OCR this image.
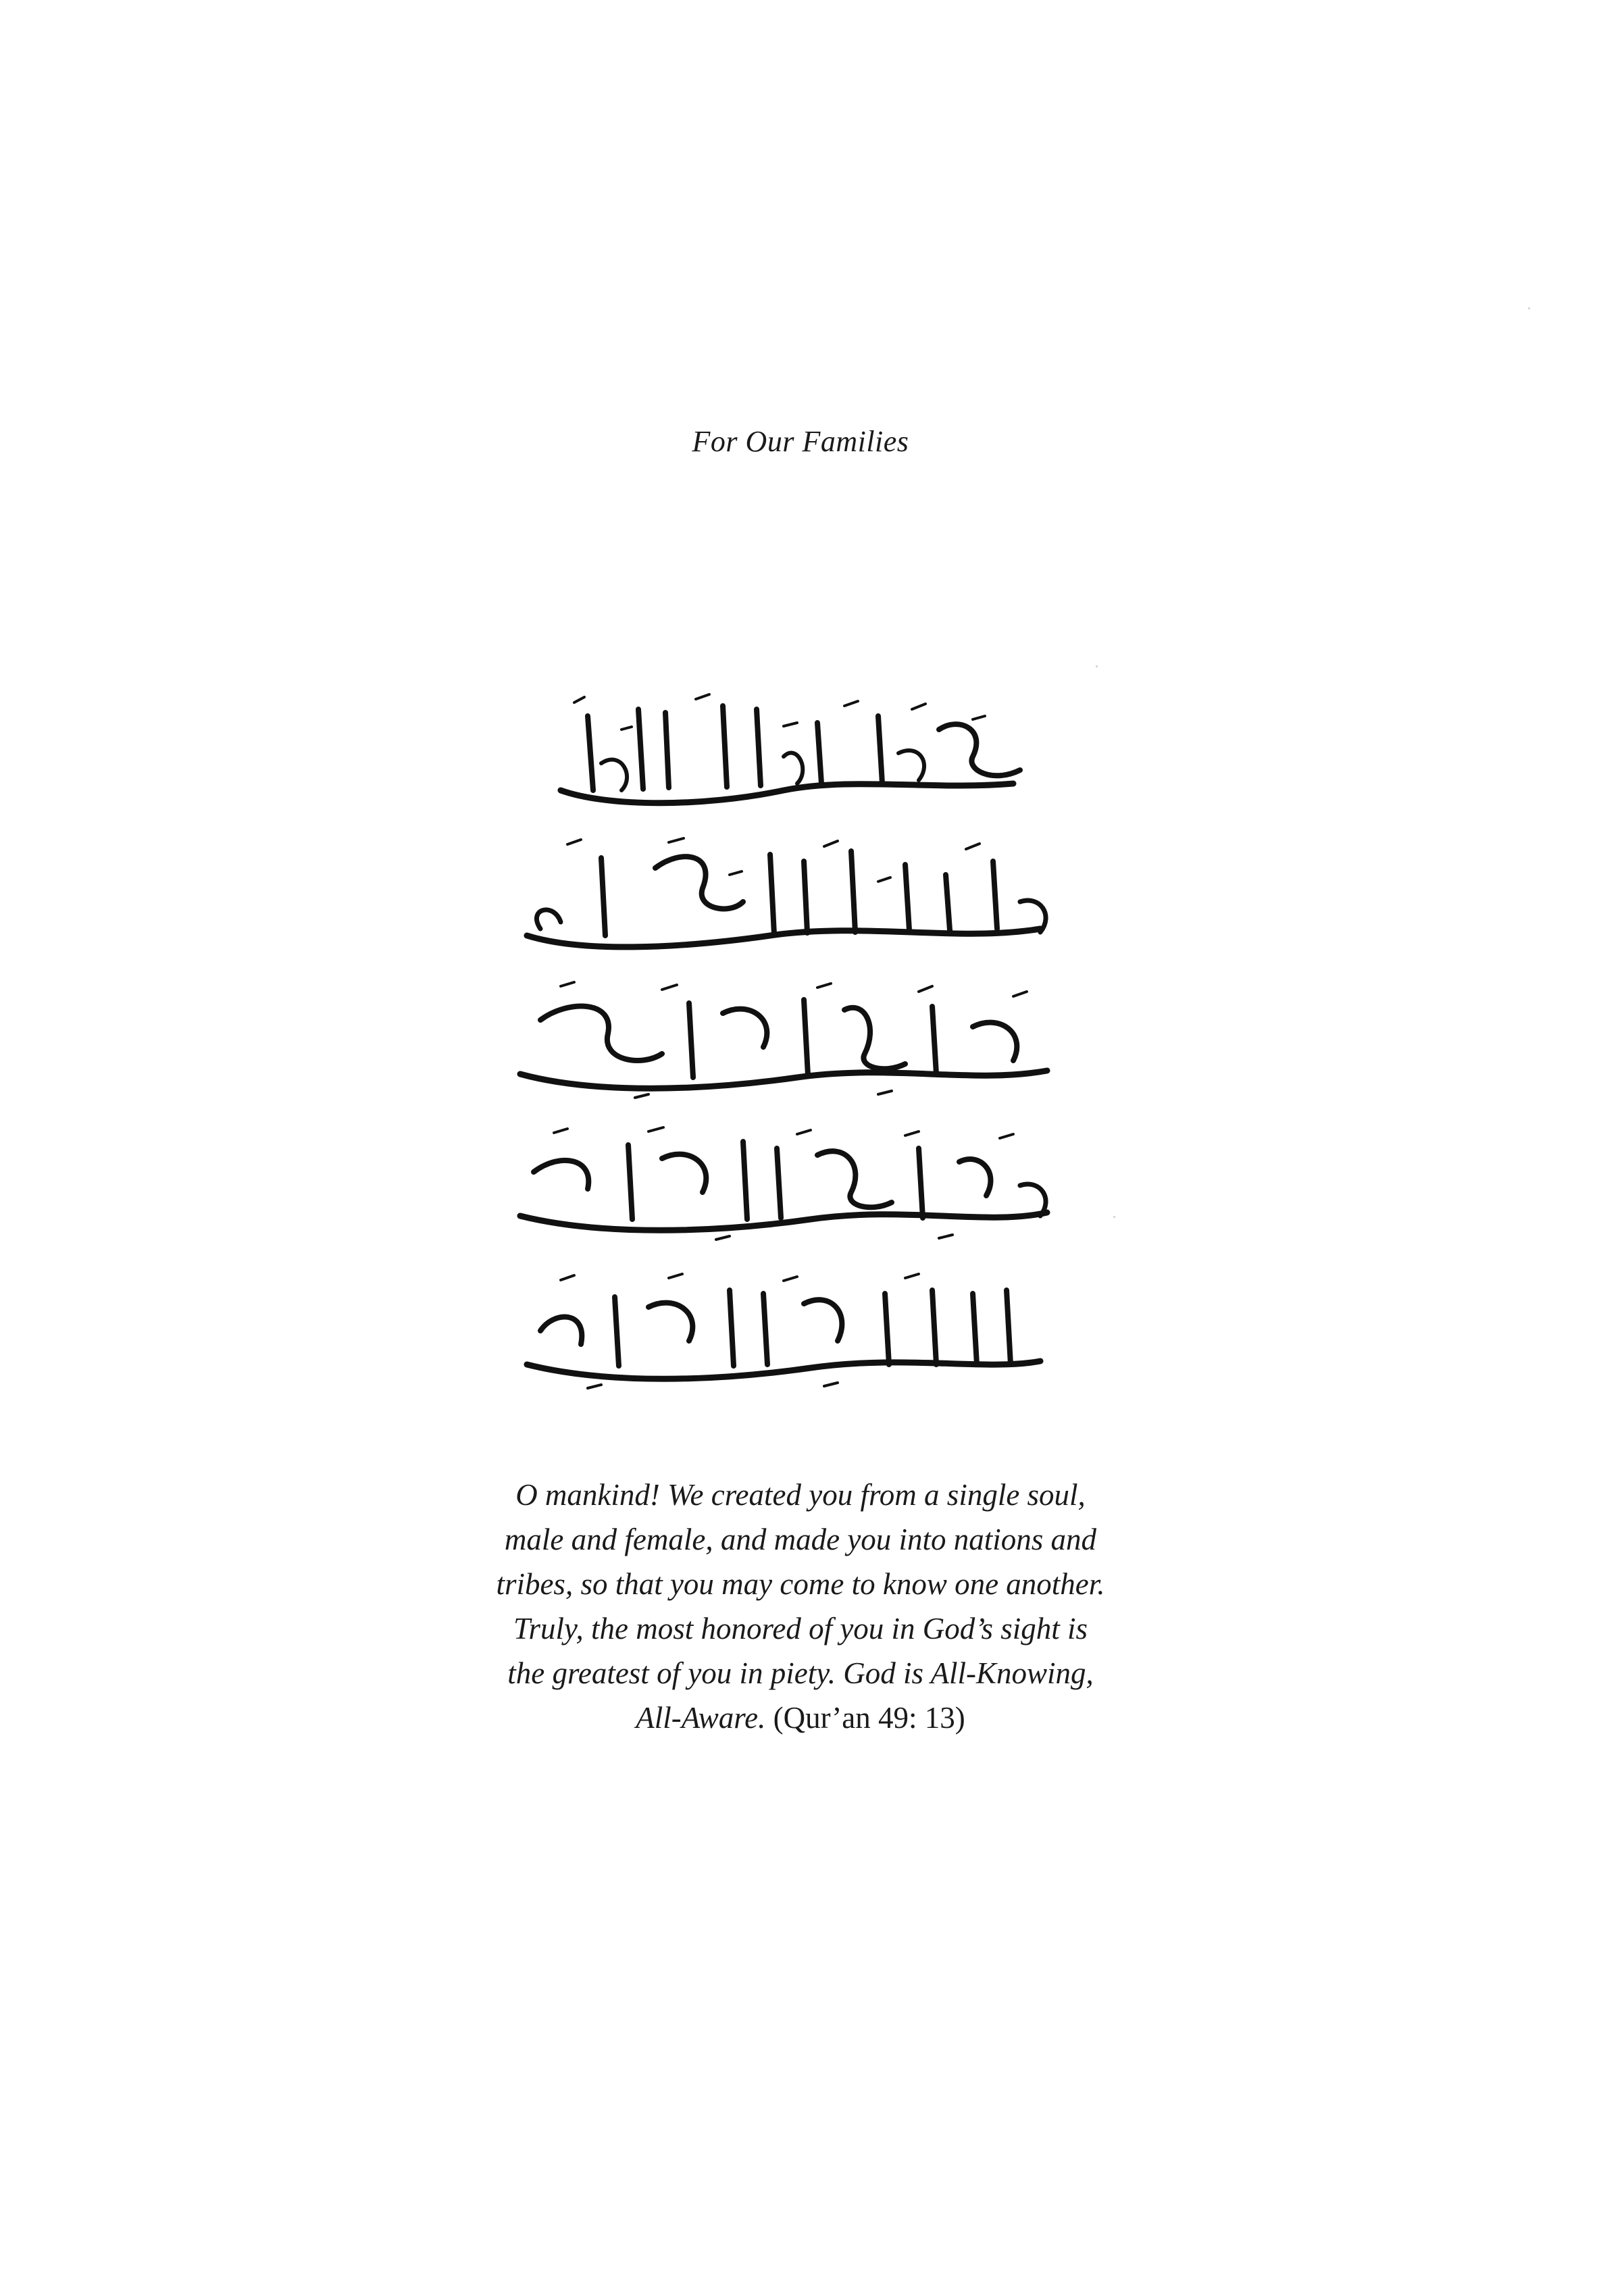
For Our Families
O mankind! We created you from a single soul,
male and female, and made you into nations and
tribes, so that you may come to know one another.
Truly, the most honored of you in God’s sight is
the greatest of you in piety. God is All-Knowing,
All-Aware. (Qur’an 49: 13)
